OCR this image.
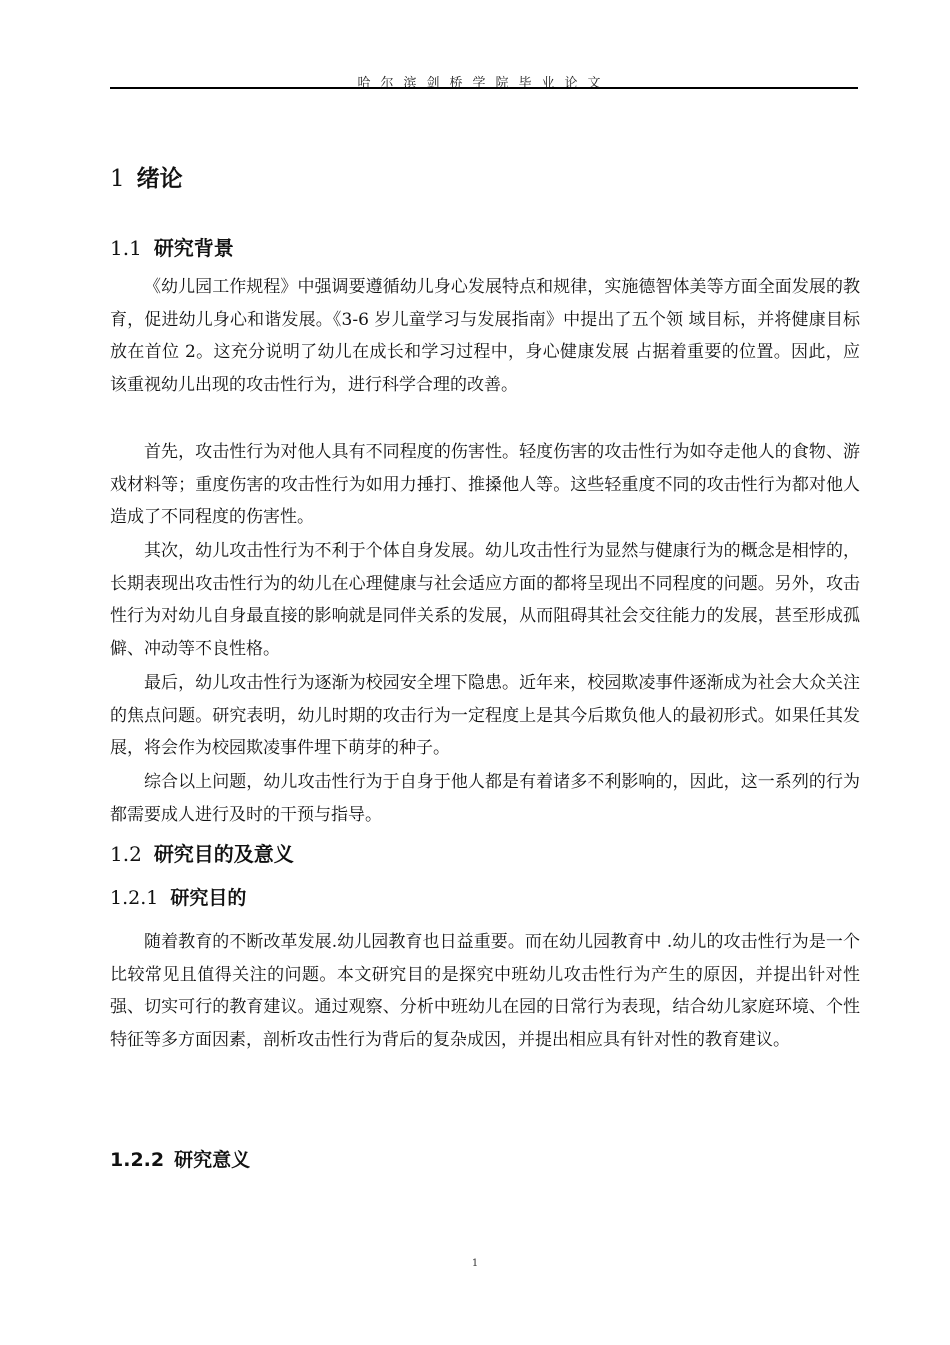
哈尔滨剑桥学院毕业论文
1 绪论
1.1 研究背景

《幼儿园工作规程》中强调要遵循幼儿身心发展特点和规律，实施德智体美等方面全面发展的教育，促进幼儿身心和谐发展。《3-6 岁儿童学习与发展指南》中提出了五个领 域目标，并将健康目标放在首位 2。这充分说明了幼儿在成长和学习过程中，身心健康发展 占据着重要的位置。因此，应该重视幼儿出现的攻击性行为，进行科学合理的改善。

首先，攻击性行为对他人具有不同程度的伤害性。轻度伤害的攻击性行为如夺走他人的食物、游戏材料等；重度伤害的攻击性行为如用力捶打、推搡他人等。这些轻重度不同的攻击性行为都对他人造成了不同程度的伤害性。

其次，幼儿攻击性行为不利于个体自身发展。幼儿攻击性行为显然与健康行为的概念是相悖的，长期表现出攻击性行为的幼儿在心理健康与社会适应方面的都将呈现出不同程度的问题。另外，攻击性行为对幼儿自身最直接的影响就是同伴关系的发展，从而阻碍其社会交往能力的发展，甚至形成孤僻、冲动等不良性格。

最后，幼儿攻击性行为逐渐为校园安全埋下隐患。近年来，校园欺凌事件逐渐成为社会大众关注的焦点问题。研究表明，幼儿时期的攻击行为一定程度上是其今后欺负他人的最初形式。如果任其发展，将会作为校园欺凌事件埋下萌芽的种子。

综合以上问题，幼儿攻击性行为于自身于他人都是有着诸多不利影响的，因此，这一系列的行为都需要成人进行及时的干预与指导。

1.2 研究目的及意义
1.2.1 研究目的

随着教育的不断改革发展.幼儿园教育也日益重要。而在幼儿园教育中 .幼儿的攻击性行为是一个比较常见且值得关注的问题。本文研究目的是探究中班幼儿攻击性行为产生的原因，并提出针对性强、切实可行的教育建议。通过观察、分析中班幼儿在园的日常行为表现，结合幼儿家庭环境、个性特征等多方面因素，剖析攻击性行为背后的复杂成因，并提出相应具有针对性的教育建议。

1.2.2 研究意义
1
